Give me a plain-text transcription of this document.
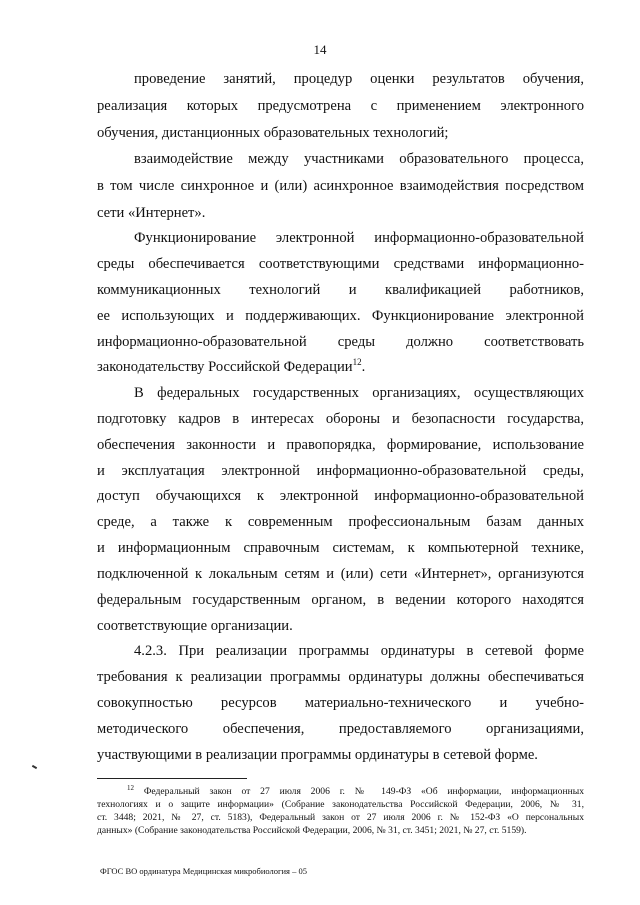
14
проведение занятий, процедур оценки результатов обучения,
реализация которых предусмотрена с применением электронного
обучения, дистанционных образовательных технологий;
взаимодействие между участниками образовательного процесса,
в том числе синхронное и (или) асинхронное взаимодействия посредством
сети «Интернет».
Функционирование электронной информационно-образовательной
среды обеспечивается соответствующими средствами информационно-
коммуникационных технологий и квалификацией работников,
ее использующих и поддерживающих. Функционирование электронной
информационно-образовательной среды должно соответствовать
законодательству Российской Федерации$^{12}$.
В федеральных государственных организациях, осуществляющих
подготовку кадров в интересах обороны и безопасности государства,
обеспечения законности и правопорядка, формирование, использование
и эксплуатация электронной информационно-образовательной среды,
доступ обучающихся к электронной информационно-образовательной
среде, а также к современным профессиональным базам данных
и информационным справочным системам, к компьютерной технике,
подключенной к локальным сетям и (или) сети «Интернет», организуются
федеральным государственным органом, в ведении которого находятся
соответствующие организации.
4.2.3. При реализации программы ординатуры в сетевой форме
требования к реализации программы ординатуры должны обеспечиваться
совокупностью ресурсов материально-технического и учебно-
методического обеспечения, предоставляемого организациями,
участвующими в реализации программы ординатуры в сетевой форме.
$^{12}$ Федеральный закон от 27 июля 2006 г. № 149-ФЗ «Об информации, информационных
технологиях и о защите информации» (Собрание законодательства Российской Федерации, 2006, № 31,
ст. 3448; 2021, № 27, ст. 5183), Федеральный закон от 27 июля 2006 г. № 152-ФЗ «О персональных
данных» (Собрание законодательства Российской Федерации, 2006, № 31, ст. 3451; 2021, № 27, ст. 5159).
ФГОС ВО ординатура Медицинская микробиология – 05
